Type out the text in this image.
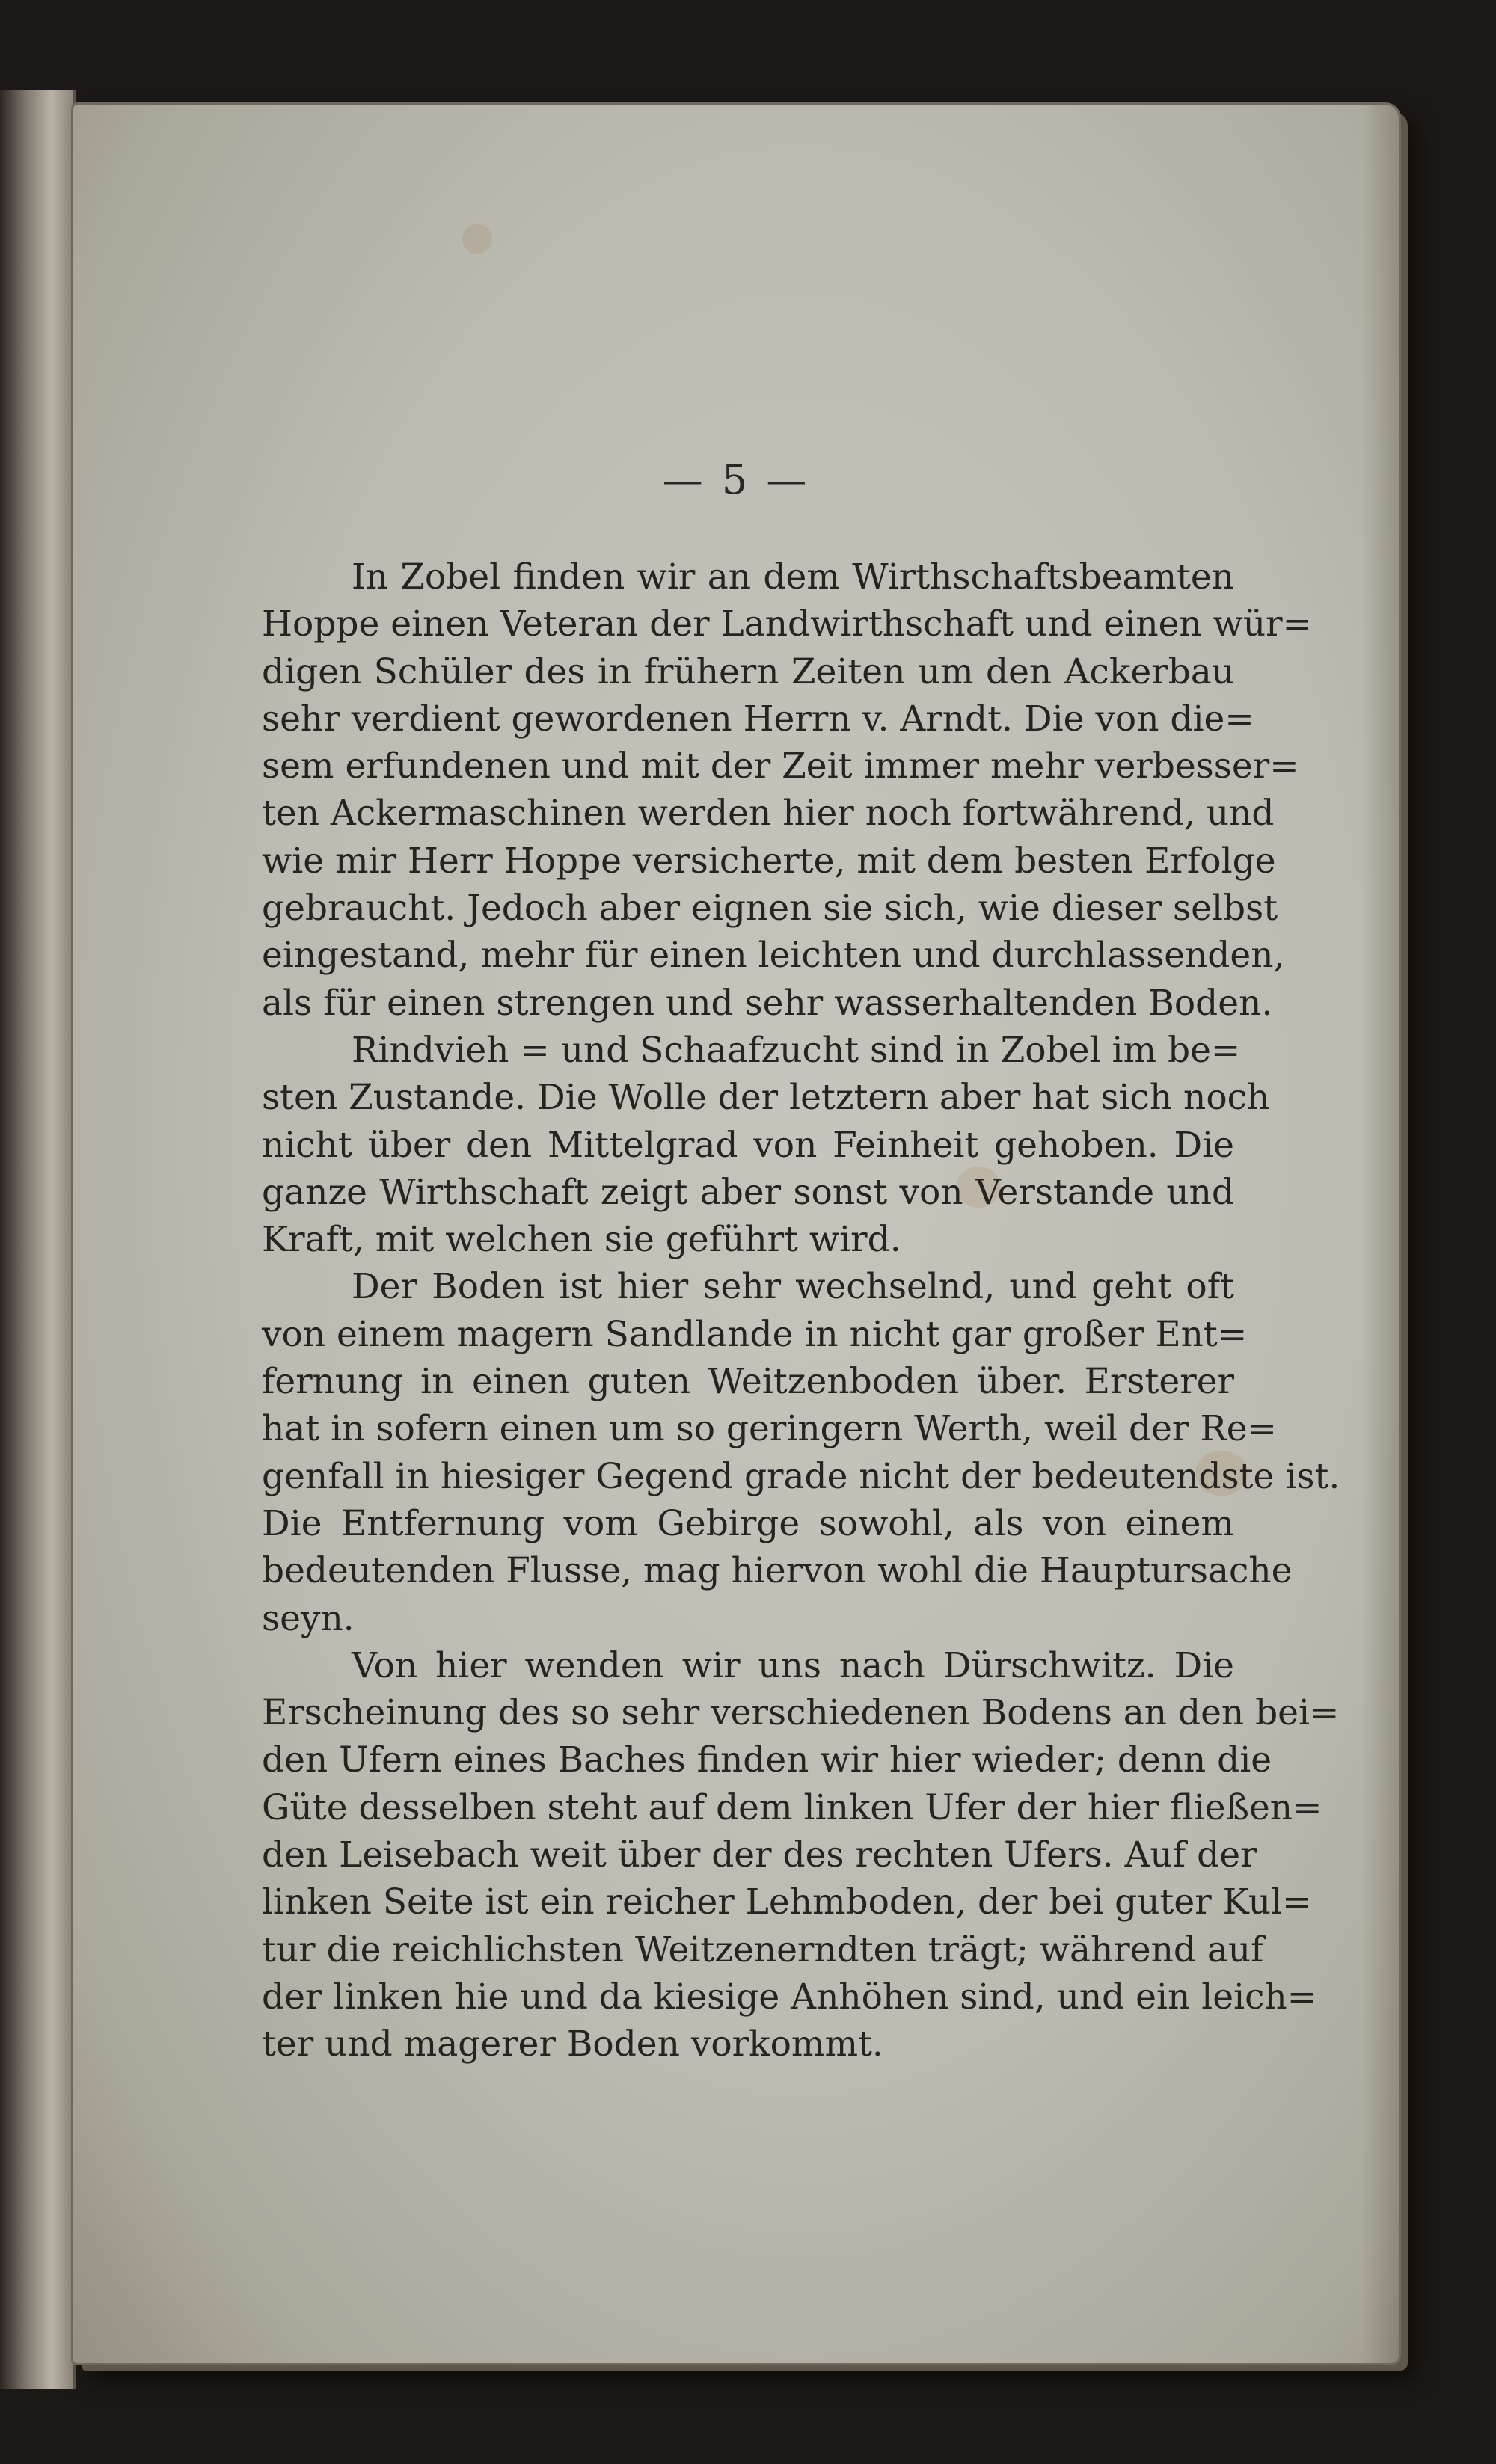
— 5 —
In Zobel finden wir an dem Wirthschaftsbeamten
Hoppe einen Veteran der Landwirthschaft und einen wür=
digen Schüler des in frühern Zeiten um den Ackerbau
sehr verdient gewordenen Herrn v. Arndt. Die von die=
sem erfundenen und mit der Zeit immer mehr verbesser=
ten Ackermaschinen werden hier noch fortwährend, und
wie mir Herr Hoppe versicherte, mit dem besten Erfolge
gebraucht. Jedoch aber eignen sie sich, wie dieser selbst
eingestand, mehr für einen leichten und durchlassenden,
als für einen strengen und sehr wasserhaltenden Boden.
Rindvieh = und Schaafzucht sind in Zobel im be=
sten Zustande. Die Wolle der letztern aber hat sich noch
nicht über den Mittelgrad von Feinheit gehoben. Die
ganze Wirthschaft zeigt aber sonst von Verstande und
Kraft, mit welchen sie geführt wird.
Der Boden ist hier sehr wechselnd, und geht oft
von einem magern Sandlande in nicht gar großer Ent=
fernung in einen guten Weitzenboden über. Ersterer
hat in sofern einen um so geringern Werth, weil der Re=
genfall in hiesiger Gegend grade nicht der bedeutendste ist.
Die Entfernung vom Gebirge sowohl, als von einem
bedeutenden Flusse, mag hiervon wohl die Hauptursache
seyn.
Von hier wenden wir uns nach Dürschwitz. Die
Erscheinung des so sehr verschiedenen Bodens an den bei=
den Ufern eines Baches finden wir hier wieder; denn die
Güte desselben steht auf dem linken Ufer der hier fließen=
den Leisebach weit über der des rechten Ufers. Auf der
linken Seite ist ein reicher Lehmboden, der bei guter Kul=
tur die reichlichsten Weitzenerndten trägt; während auf
der linken hie und da kiesige Anhöhen sind, und ein leich=
ter und magerer Boden vorkommt.
